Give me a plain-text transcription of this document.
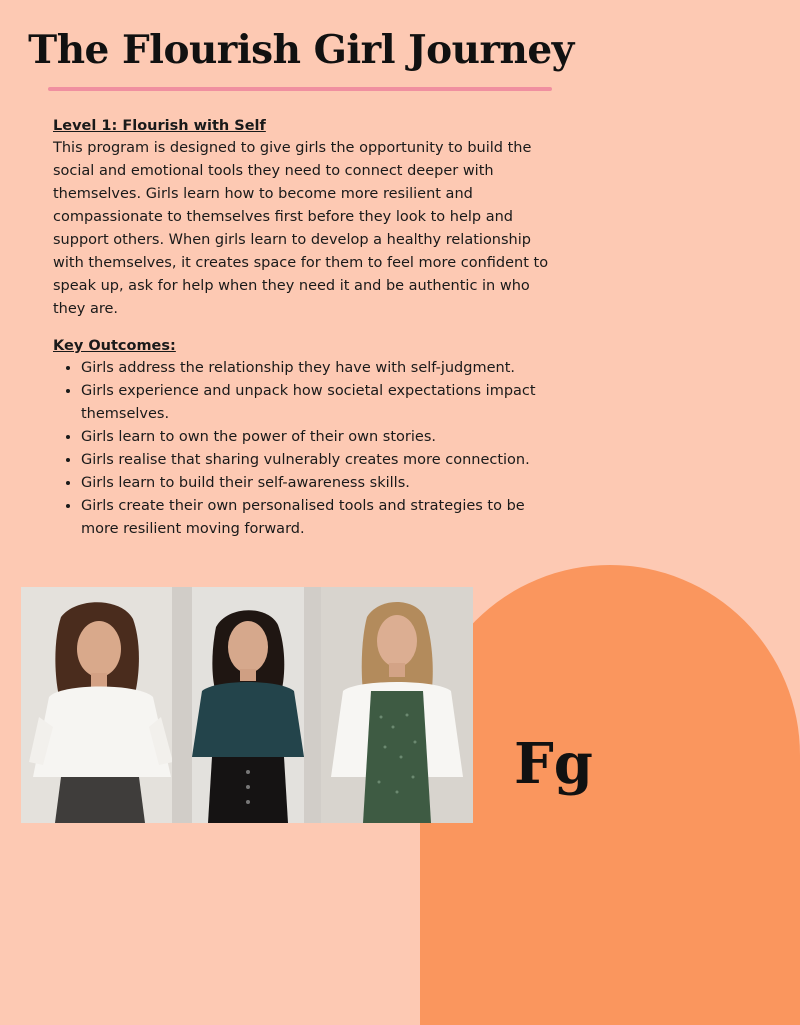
The Flourish Girl Journey

Level 1: Flourish with Self

This program is designed to give girls the opportunity to build the social and emotional tools they need to connect deeper with themselves. Girls learn how to become more resilient and compassionate to themselves first before they look to help and support others. When girls learn to develop a healthy relationship with themselves, it creates space for them to feel more confident to speak up, ask for help when they need it and be authentic in who they are.

Key Outcomes:

• Girls address the relationship they have with self-judgment.
• Girls experience and unpack how societal expectations impact themselves.
• Girls learn to own the power of their own stories.
• Girls realise that sharing vulnerably creates more connection.
• Girls learn to build their self-awareness skills.
• Girls create their own personalised tools and strategies to be more resilient moving forward.
Fg
